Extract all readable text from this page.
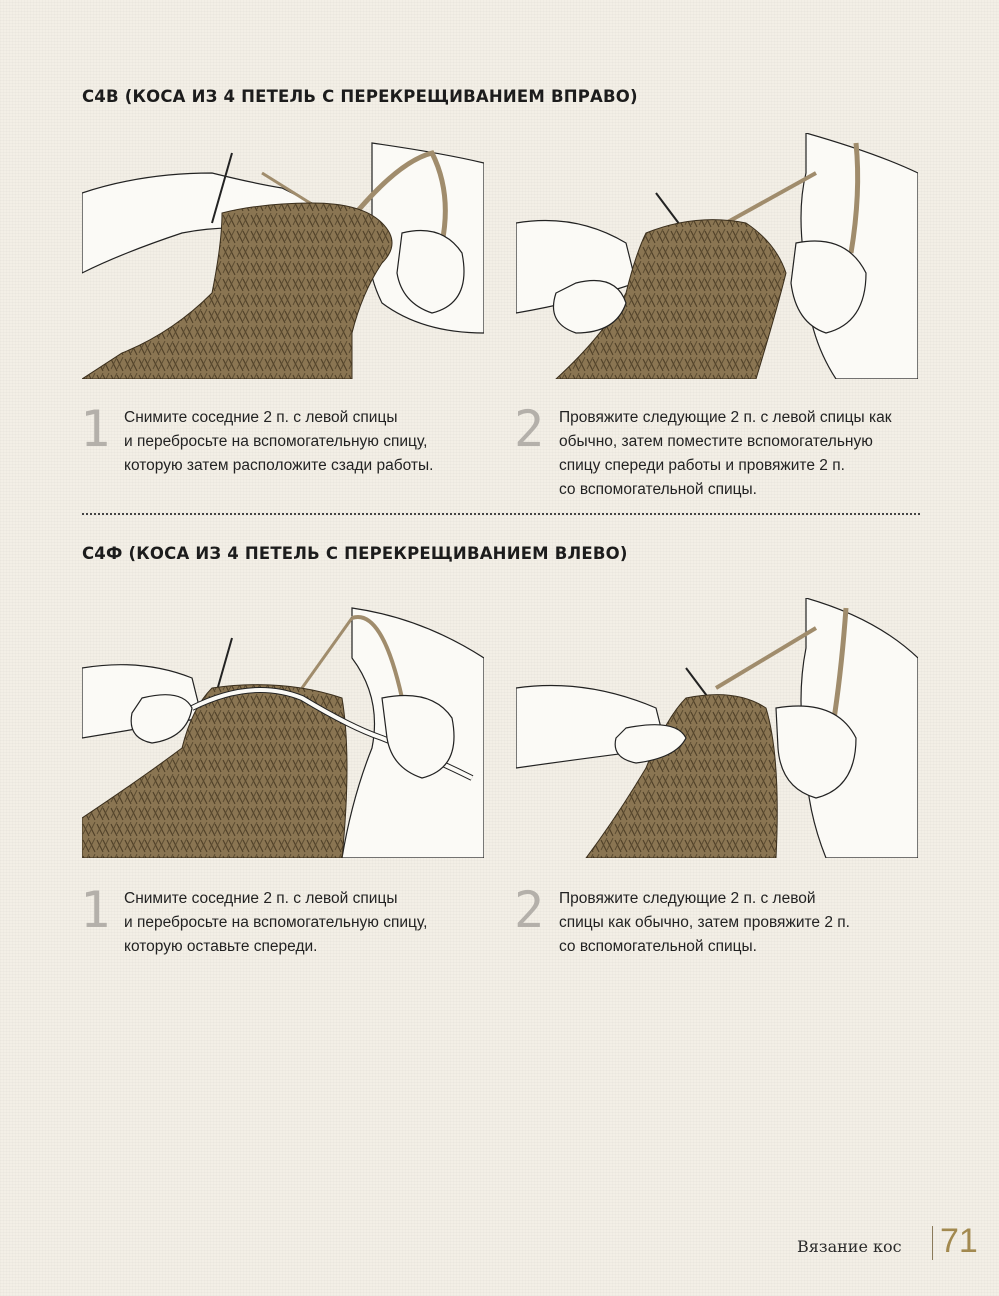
C4B (КОСА ИЗ 4 ПЕТЕЛЬ С ПЕРЕКРЕЩИВАНИЕМ ВПРАВО)
1 Снимите соседние 2 п. с левой спицы
и перебросьте на вспомогательную спицу,
которую затем расположите сзади работы.
2 Провяжите следующие 2 п. с левой спицы как
обычно, затем поместите вспомогательную
спицу спереди работы и провяжите 2 п.
со вспомогательной спицы.
C4Ф (КОСА ИЗ 4 ПЕТЕЛЬ С ПЕРЕКРЕЩИВАНИЕМ ВЛЕВО)
1 Снимите соседние 2 п. с левой спицы
и перебросьте на вспомогательную спицу,
которую оставьте спереди.
2 Провяжите следующие 2 п. с левой
спицы как обычно, затем провяжите 2 п.
со вспомогательной спицы.
Вязание кос 71
